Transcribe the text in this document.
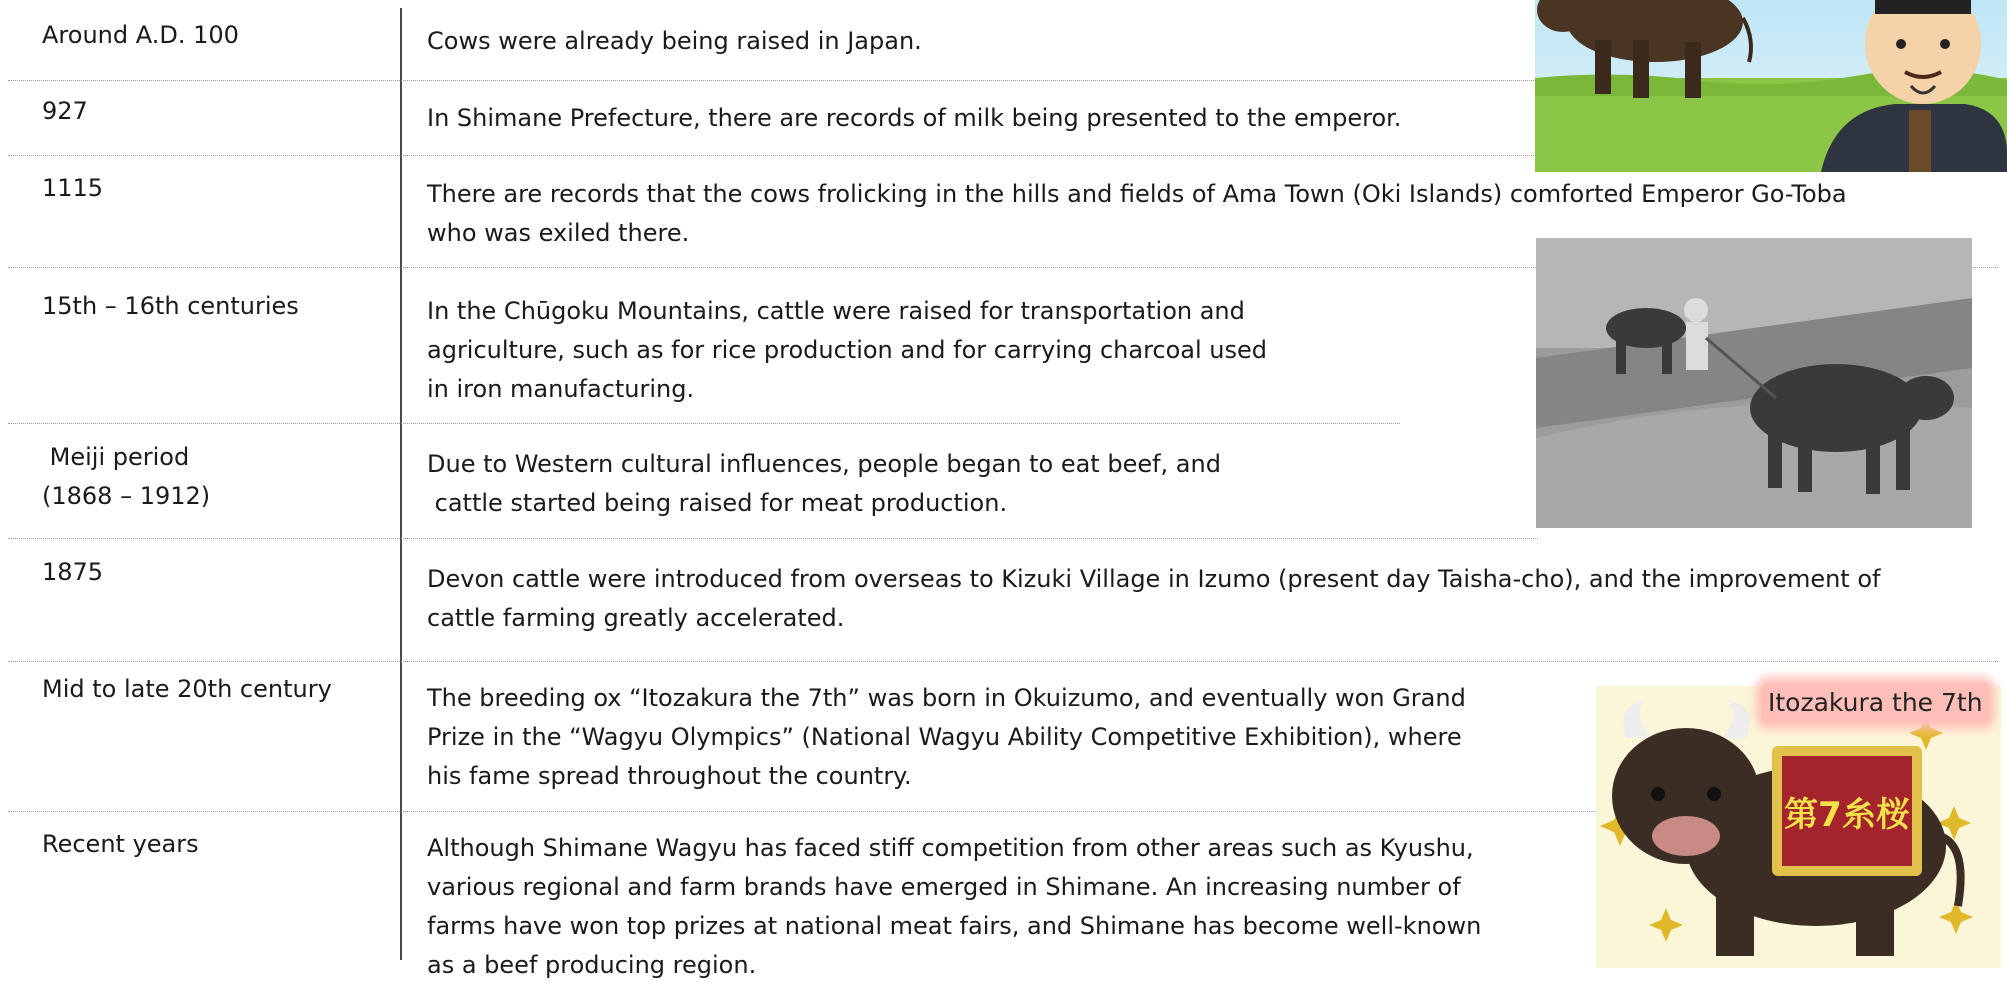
Around A.D. 100
927
1115
15th – 16th centuries
Meiji period
(1868 – 1912)
1875
Mid to late 20th century
Recent years
Cows were already being raised in Japan.
In Shimane Prefecture, there are records of milk being presented to the emperor.
There are records that the cows frolicking in the hills and fields of Ama Town (Oki Islands) comforted Emperor Go-Toba
who was exiled there.
In the Chūgoku Mountains, cattle were raised for transportation and
agriculture, such as for rice production and for carrying charcoal used
in iron manufacturing.
Due to Western cultural influences, people began to eat beef, and
cattle started being raised for meat production.
Devon cattle were introduced from overseas to Kizuki Village in Izumo (present day Taisha-cho), and the improvement of
cattle farming greatly accelerated.
The breeding ox “Itozakura the 7th” was born in Okuizumo, and eventually won Grand
Prize in the “Wagyu Olympics” (National Wagyu Ability Competitive Exhibition), where
his fame spread throughout the country.
Although Shimane Wagyu has faced stiff competition from other areas such as Kyushu,
various regional and farm brands have emerged in Shimane. An increasing number of
farms have won top prizes at national meat fairs, and Shimane has become well-known
as a beef producing region.
第7糸桜
Itozakura the 7th
